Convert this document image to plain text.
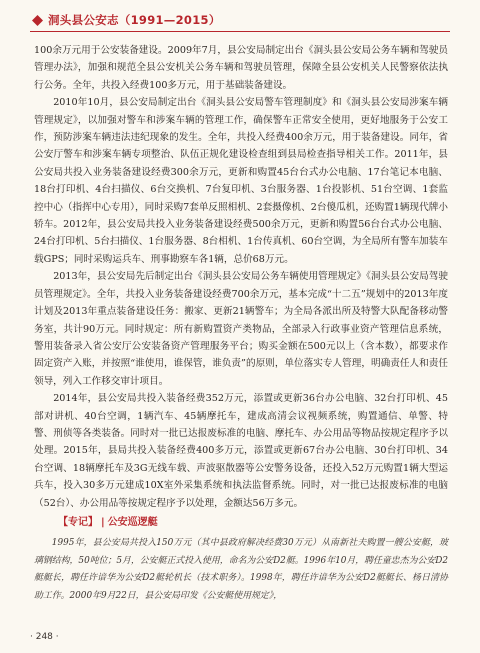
洞头县公安志（1991—2015）

100余万元用于公安装备建设。2009年7月，县公安局制定出台《洞头县公安局公务车辆和驾驶员管理办法》，加强和规范全县公安机关公务车辆和驾驶员管理，保障全县公安机关人民警察依法执行公务。全年，共投入经费100多万元，用于基础装备建设。

2010年10月，县公安局制定出台《洞头县公安局警车管理制度》和《洞头县公安局涉案车辆管理规定》，以加强对警车和涉案车辆的管理工作，确保警车正常安全使用，更好地服务于公安工作，预防涉案车辆违法违纪现象的发生。全年，共投入经费400余万元，用于装备建设。同年，省公安厅警车和涉案车辆专项整治、队伍正规化建设检查组到县局检查指导相关工作。2011年，县公安局共投入业务装备建设经费300余万元，更新和购置45台台式办公电脑、17台笔记本电脑、18台打印机、4台扫描仪、6台交换机、7台复印机、3台服务器、1台投影机、51台空调、1套监控中心（指挥中心专用），同时采购7套单反照相机、2套摄像机、2台傻瓜机，还购置1辆现代牌小轿车。2012年，县公安局共投入业务装备建设经费500余万元，更新和购置56台台式办公电脑、24台打印机、5台扫描仪、1台服务器、8台相机、1台传真机、60台空调，为全局所有警车加装车载GPS；同时采购运兵车、刑事勘察车各1辆，总价68万元。

2013年，县公安局先后制定出台《洞头县公安局公务车辆使用管理规定》《洞头县公安局驾驶员管理规定》。全年，共投入业务装备建设经费700余万元，基本完成“十二五”规划中的2013年度计划及2013年重点装备建设任务：搬家、更新21辆警车；为全局各派出所及特警大队配备移动警务室，共计90万元。同时规定：所有新购置资产类物品，全部录入行政事业资产管理信息系统，警用装备录入省公安厅公安装备资产管理服务平台；购买金额在500元以上（含本数），都要求作固定资产入账，并按照“谁使用，谁保管，谁负责”的原则，单位落实专人管理，明确责任人和责任领导，列入工作移交审计项目。

2014年，县公安局共投入装备经费352万元，添置或更新36台办公电脑、32台打印机、45部对讲机、40台空调，1辆汽车、45辆摩托车，建成高清会议视频系统，购置通信、单警、特警、刑侦等各类装备。同时对一批已达报废标准的电脑、摩托车、办公用品等物品按规定程序予以处理。2015年，县局共投入装备经费400多万元，添置或更新67台办公电脑、30台打印机、34台空调、18辆摩托车及3G无线车载、声波驱散器等公安警务设备，还投入52万元购置1辆大型运兵车，投入30多万元建成10X室外采集系统和执法监督系统。同时，对一批已达报废标准的电脑（52台）、办公用品等按规定程序予以处理，金额达56万多元。

【专记】 | 公安巡逻艇

1995年，县公安局共投入150万元（其中县政府解决经费30万元）从南新社夫购置一艘公安艇，玻璃钢结构，50吨位；5月，公安艇正式投入使用，命名为公安D2艇。1996年10月，聘任童忠杰为公安D2艇艇长，聘任许谙华为公安D2艇轮机长（技术职务）。1998年，聘任许谙华为公安D2艇艇长、杨日清协助工作。2000年9月22日，县公安局印发《公安艇使用规定》，

· 248 ·
